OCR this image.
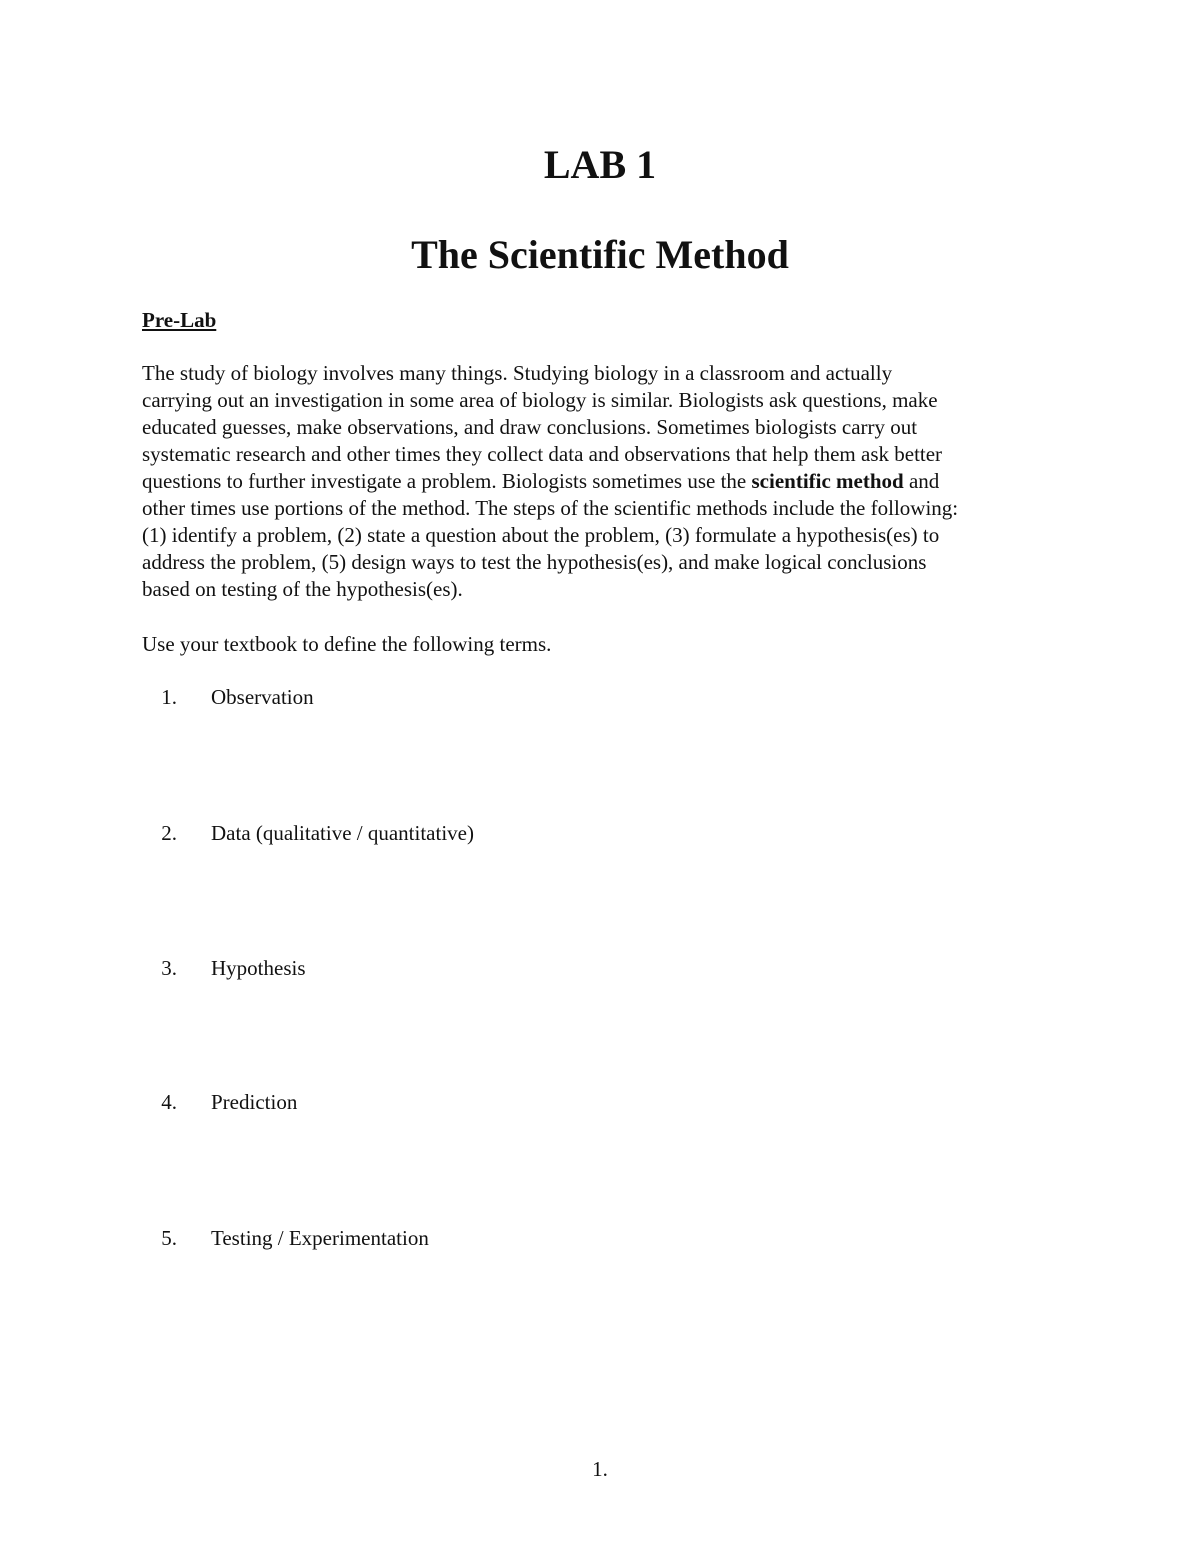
LAB 1
The Scientific Method
Pre-Lab

The study of biology involves many things. Studying biology in a classroom and actually
carrying out an investigation in some area of biology is similar. Biologists ask questions, make
educated guesses, make observations, and draw conclusions. Sometimes biologists carry out
systematic research and other times they collect data and observations that help them ask better
questions to further investigate a problem. Biologists sometimes use the scientific method and
other times use portions of the method. The steps of the scientific methods include the following:
(1) identify a problem, (2) state a question about the problem, (3) formulate a hypothesis(es) to
address the problem, (5) design ways to test the hypothesis(es), and make logical conclusions
based on testing of the hypothesis(es).

Use your textbook to define the following terms.

1. Observation

2. Data (qualitative / quantitative)

3. Hypothesis

4. Prediction

5. Testing / Experimentation

1.
